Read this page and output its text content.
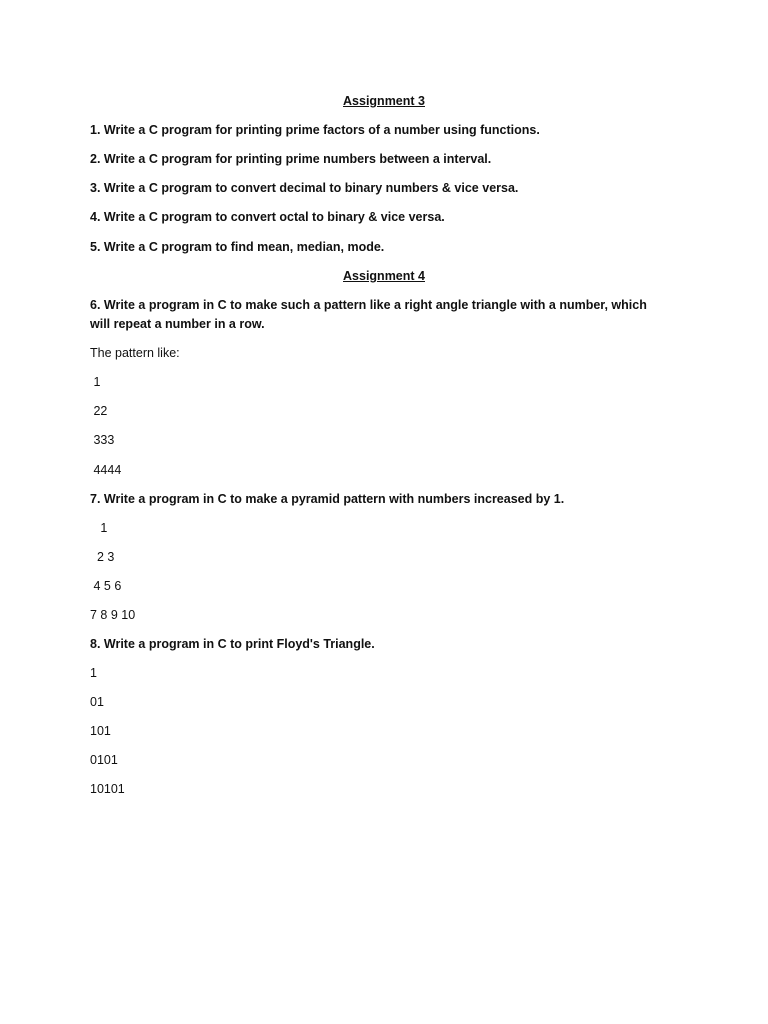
Assignment 3
1. Write a C program for printing prime factors of a number using functions.
2. Write a C program for printing prime numbers between a interval.
3. Write a C program to convert decimal to binary numbers & vice versa.
4. Write a C program to convert octal to binary & vice versa.
5. Write a C program to find mean, median, mode.
Assignment 4
6. Write a program in C to make such a pattern like a right angle triangle with a number, which will repeat a number in a row.
The pattern like:
1
22
333
4444
7. Write a program in C to make a pyramid pattern with numbers increased by 1.
1
2 3
4 5 6
7 8 9 10
8. Write a program in C to print Floyd's Triangle.
1
01
101
0101
10101
